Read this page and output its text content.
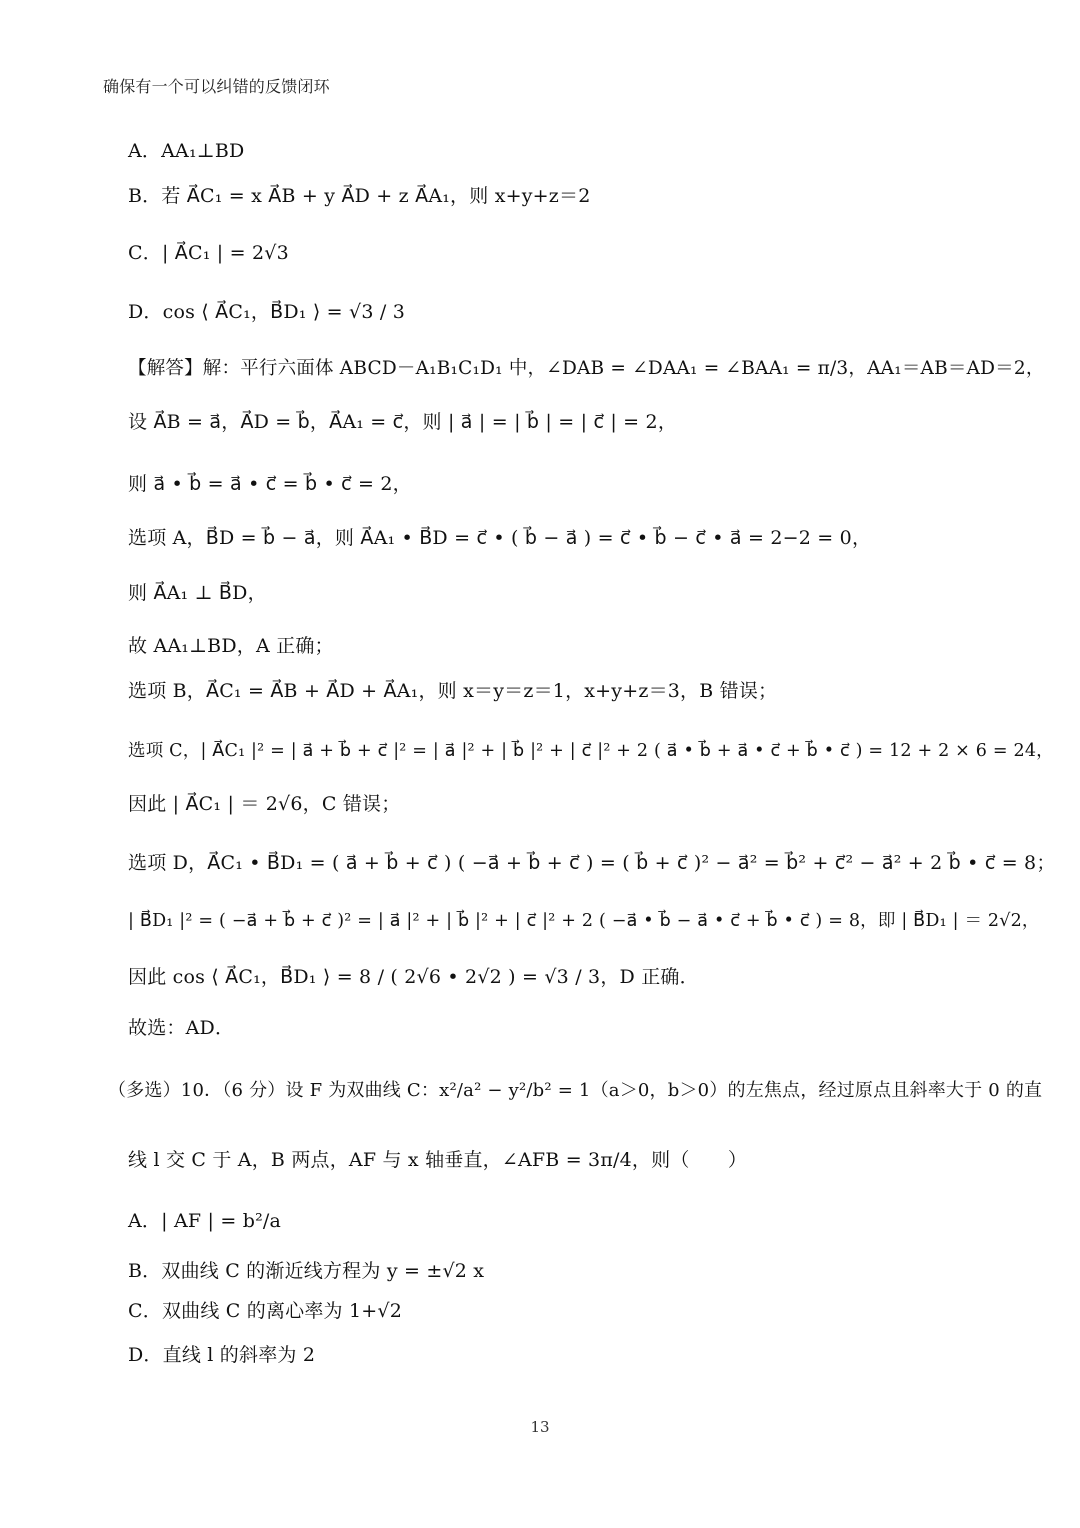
确保有一个可以纠错的反馈闭环
A．AA₁⊥BD
B．若 A⃗C₁ = x A⃗B + y A⃗D + z A⃗A₁，则 x+y+z＝2
C．| A⃗C₁ | = 2√3
D．cos ⟨ A⃗C₁，B⃗D₁ ⟩ = √3 / 3
【解答】解：平行六面体 ABCD－A₁B₁C₁D₁ 中，∠DAB = ∠DAA₁ = ∠BAA₁ = π/3，AA₁＝AB＝AD＝2，
设 A⃗B = a⃗，A⃗D = b⃗，A⃗A₁ = c⃗，则 | a⃗ | = | b⃗ | = | c⃗ | = 2，
则 a⃗ • b⃗ = a⃗ • c⃗ = b⃗ • c⃗ = 2，
选项 A，B⃗D = b⃗ − a⃗，则 A⃗A₁ • B⃗D = c⃗ • ( b⃗ − a⃗ ) = c⃗ • b⃗ − c⃗ • a⃗ = 2−2 = 0，
则 A⃗A₁ ⊥ B⃗D，
故 AA₁⊥BD，A 正确；
选项 B，A⃗C₁ = A⃗B + A⃗D + A⃗A₁，则 x＝y＝z＝1，x+y+z＝3，B 错误；
选项 C，| A⃗C₁ |² = | a⃗ + b⃗ + c⃗ |² = | a⃗ |² + | b⃗ |² + | c⃗ |² + 2 ( a⃗ • b⃗ + a⃗ • c⃗ + b⃗ • c⃗ ) = 12 + 2 × 6 = 24，
因此 | A⃗C₁ | ＝ 2√6，C 错误；
选项 D，A⃗C₁ • B⃗D₁ = ( a⃗ + b⃗ + c⃗ ) ( −a⃗ + b⃗ + c⃗ ) = ( b⃗ + c⃗ )² − a⃗² = b⃗² + c⃗² − a⃗² + 2 b⃗ • c⃗ = 8；
| B⃗D₁ |² = ( −a⃗ + b⃗ + c⃗ )² = | a⃗ |² + | b⃗ |² + | c⃗ |² + 2 ( −a⃗ • b⃗ − a⃗ • c⃗ + b⃗ • c⃗ ) = 8，即 | B⃗D₁ | ＝ 2√2，
因此 cos ⟨ A⃗C₁，B⃗D₁ ⟩ = 8 / ( 2√6 • 2√2 ) = √3 / 3，D 正确．
故选：AD．
（多选）10．（6 分）设 F 为双曲线 C：x²/a² − y²/b² = 1（a＞0，b＞0）的左焦点，经过原点且斜率大于 0 的直
线 l 交 C 于 A，B 两点，AF 与 x 轴垂直，∠AFB = 3π/4，则（　　）
A．| AF | = b²/a
B．双曲线 C 的渐近线方程为 y = ±√2 x
C．双曲线 C 的离心率为 1+√2
D．直线 l 的斜率为 2
13
